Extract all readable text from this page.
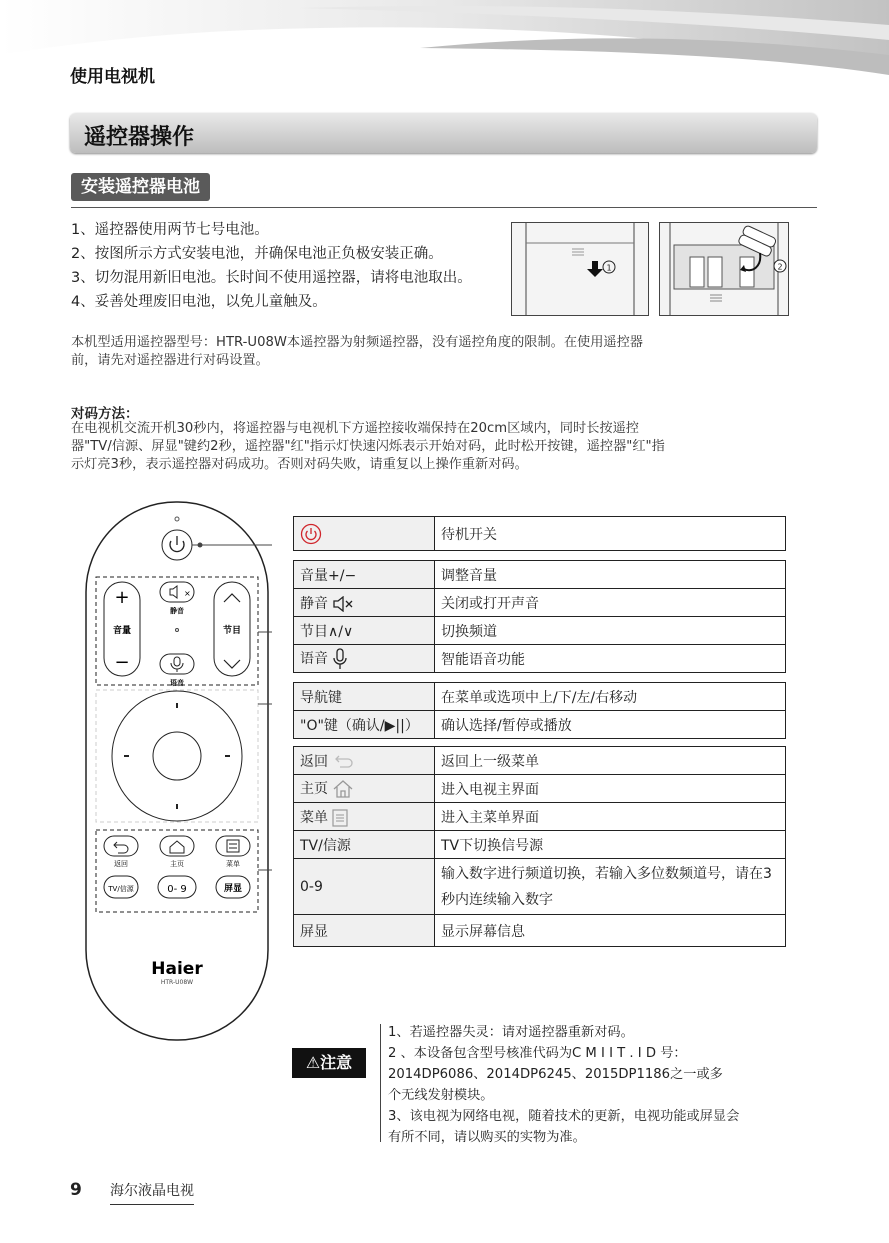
使用电视机
遥控器操作
安装遥控器电池
1、遥控器使用两节七号电池。
2、按图所示方式安装电池，并确保电池正负极安装正确。
3、切勿混用新旧电池。长时间不使用遥控器，请将电池取出。
4、妥善处理废旧电池，以免儿童触及。
1	2
本机型适用遥控器型号：HTR-U08W本遥控器为射频遥控器，没有遥控角度的限制。在使用遥控器
前，请先对遥控器进行对码设置。
对码方法：
在电视机交流开机30秒内，将遥控器与电视机下方遥控接收端保持在20cm区域内，同时长按遥控
器"TV/信源、屏显"键约2秒，遥控器"红"指示灯快速闪烁表示开始对码，此时松开按键，遥控器"红"指
示灯亮3秒，表示遥控器对码成功。否则对码失败，请重复以上操作重新对码。
+
音量
−
节目
×
静音
语音
返回	主页	菜单
TV/信源	0- 9	屏显
Haier
HTR-U08W
	待机开关
音量+/−	调整音量
静音	关闭或打开声音
节目∧/∨	切换频道
语音	智能语音功能
导航键	在菜单或选项中上/下/左/右移动
"O"键（确认/▶||）	确认选择/暂停或播放
返回	返回上一级菜单
主页	进入电视主界面
菜单	进入主菜单界面
TV/信源	TV下切换信号源
0-9	输入数字进行频道切换，若输入多位数频道号，请在3秒内连续输入数字
屏显	显示屏幕信息
⚠注意
1、若遥控器失灵：请对遥控器重新对码。
2 、本设备包含型号核准代码为C M I I T . I D 号：
2014DP6086、2014DP6245、2015DP1186之一或多
个无线发射模块。
3、该电视为网络电视，随着技术的更新，电视功能或屏显会
有所不同，请以购买的实物为准。
9 海尔液晶电视
